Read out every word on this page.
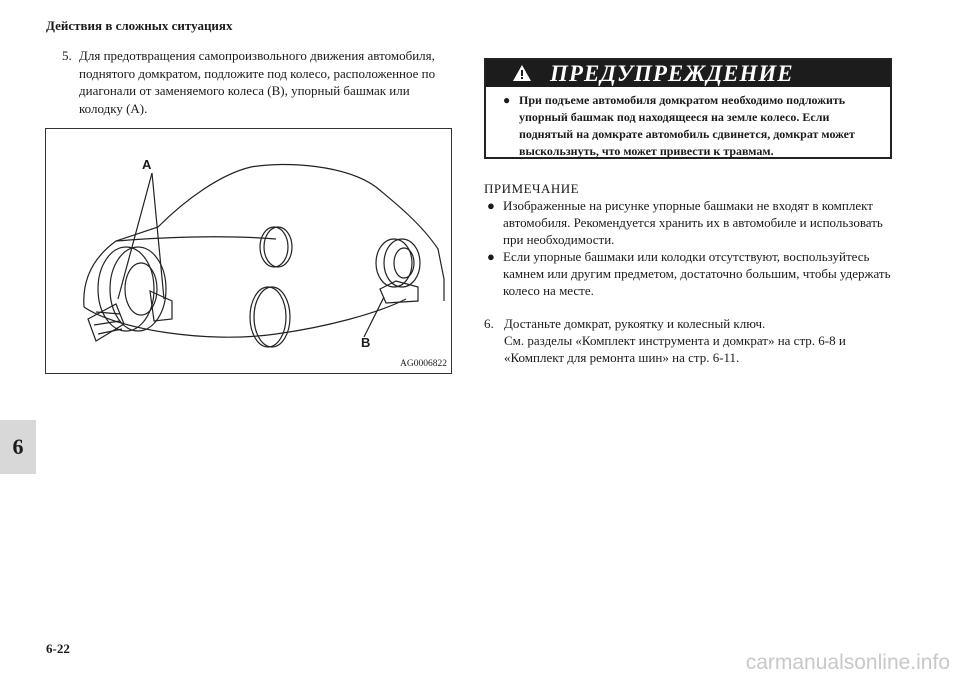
Действия в сложных ситуациях
6
5. Для предотвращения самопроизвольного движения автомобиля, поднятого домкратом, подложите под колесо, расположенное по диагонали от заменяемого колеса (B), упорный башмак или колодку (A).
A
B
AG0006822
ПРЕДУПРЕЖДЕНИЕ
● При подъеме автомобиля домкратом необходимо подложить упорный башмак под находящееся на земле колесо. Если поднятый на домкрате автомобиль сдвинется, домкрат может выскользнуть, что может привести к травмам.
ПРИМЕЧАНИЕ
● Изображенные на рисунке упорные башмаки не входят в комплект автомобиля. Рекомендуется хранить их в автомобиле и использовать при необходимости.
● Если упорные башмаки или колодки отсутствуют, воспользуйтесь камнем или другим предметом, достаточно большим, чтобы удержать колесо на месте.
6. Достаньте домкрат, рукоятку и колесный ключ.
См. разделы «Комплект инструмента и домкрат» на стр. 6-8 и «Комплект для ремонта шин» на стр. 6-11.
6-22
carmanualsonline.info
